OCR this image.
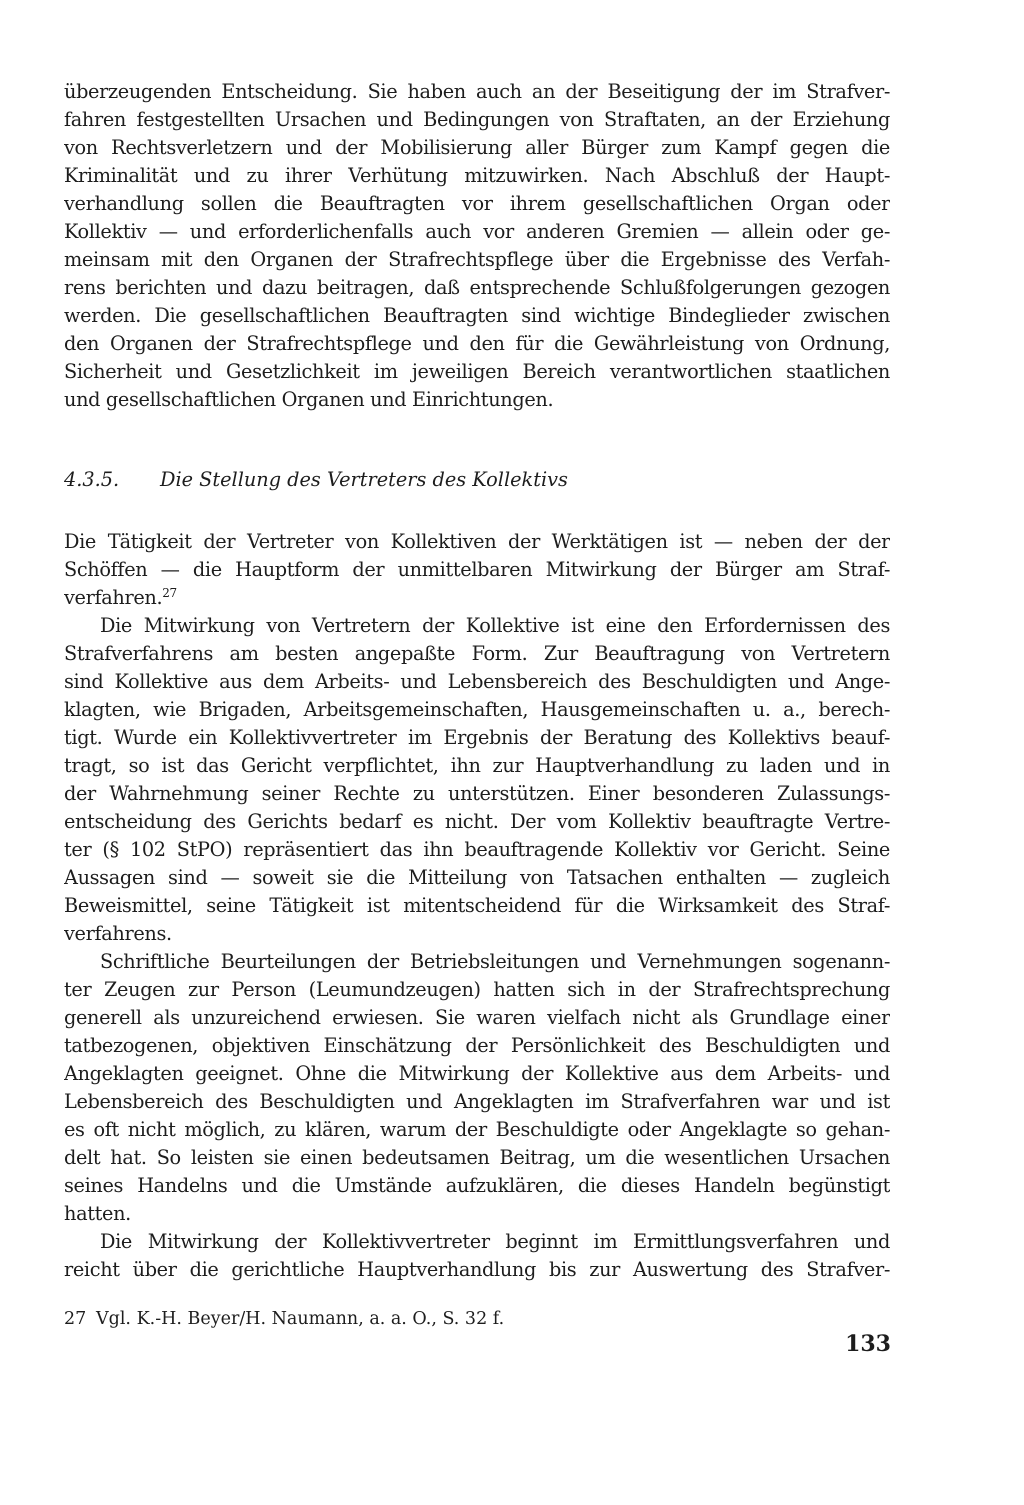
überzeugenden Entscheidung. Sie haben auch an der Beseitigung der im Strafver-
fahren festgestellten Ursachen und Bedingungen von Straftaten, an der Erziehung
von Rechtsverletzern und der Mobilisierung aller Bürger zum Kampf gegen die
Kriminalität und zu ihrer Verhütung mitzuwirken. Nach Abschluß der Haupt-
verhandlung sollen die Beauftragten vor ihrem gesellschaftlichen Organ oder
Kollektiv — und erforderlichenfalls auch vor anderen Gremien — allein oder ge-
meinsam mit den Organen der Strafrechtspflege über die Ergebnisse des Verfah-
rens berichten und dazu beitragen, daß entsprechende Schlußfolgerungen gezogen
werden. Die gesellschaftlichen Beauftragten sind wichtige Bindeglieder zwischen
den Organen der Strafrechtspflege und den für die Gewährleistung von Ordnung,
Sicherheit und Gesetzlichkeit im jeweiligen Bereich verantwortlichen staatlichen
und gesellschaftlichen Organen und Einrichtungen.
4.3.5. Die Stellung des Vertreters des Kollektivs
Die Tätigkeit der Vertreter von Kollektiven der Werktätigen ist — neben der der
Schöffen — die Hauptform der unmittelbaren Mitwirkung der Bürger am Straf-
verfahren.$^{27}$
Die Mitwirkung von Vertretern der Kollektive ist eine den Erfordernissen des
Strafverfahrens am besten angepaßte Form. Zur Beauftragung von Vertretern
sind Kollektive aus dem Arbeits- und Lebensbereich des Beschuldigten und Ange-
klagten, wie Brigaden, Arbeitsgemeinschaften, Hausgemeinschaften u. a., berech-
tigt. Wurde ein Kollektivvertreter im Ergebnis der Beratung des Kollektivs beauf-
tragt, so ist das Gericht verpflichtet, ihn zur Hauptverhandlung zu laden und in
der Wahrnehmung seiner Rechte zu unterstützen. Einer besonderen Zulassungs-
entscheidung des Gerichts bedarf es nicht. Der vom Kollektiv beauftragte Vertre-
ter (§ 102 StPO) repräsentiert das ihn beauftragende Kollektiv vor Gericht. Seine
Aussagen sind — soweit sie die Mitteilung von Tatsachen enthalten — zugleich
Beweismittel, seine Tätigkeit ist mitentscheidend für die Wirksamkeit des Straf-
verfahrens.
Schriftliche Beurteilungen der Betriebsleitungen und Vernehmungen sogenann-
ter Zeugen zur Person (Leumundzeugen) hatten sich in der Strafrechtsprechung
generell als unzureichend erwiesen. Sie waren vielfach nicht als Grundlage einer
tatbezogenen, objektiven Einschätzung der Persönlichkeit des Beschuldigten und
Angeklagten geeignet. Ohne die Mitwirkung der Kollektive aus dem Arbeits- und
Lebensbereich des Beschuldigten und Angeklagten im Strafverfahren war und ist
es oft nicht möglich, zu klären, warum der Beschuldigte oder Angeklagte so gehan-
delt hat. So leisten sie einen bedeutsamen Beitrag, um die wesentlichen Ursachen
seines Handelns und die Umstände aufzuklären, die dieses Handeln begünstigt
hatten.
Die Mitwirkung der Kollektivvertreter beginnt im Ermittlungsverfahren und
reicht über die gerichtliche Hauptverhandlung bis zur Auswertung des Strafver-
27 Vgl. K.-H. Beyer/H. Naumann, a. a. O., S. 32 f.
133
